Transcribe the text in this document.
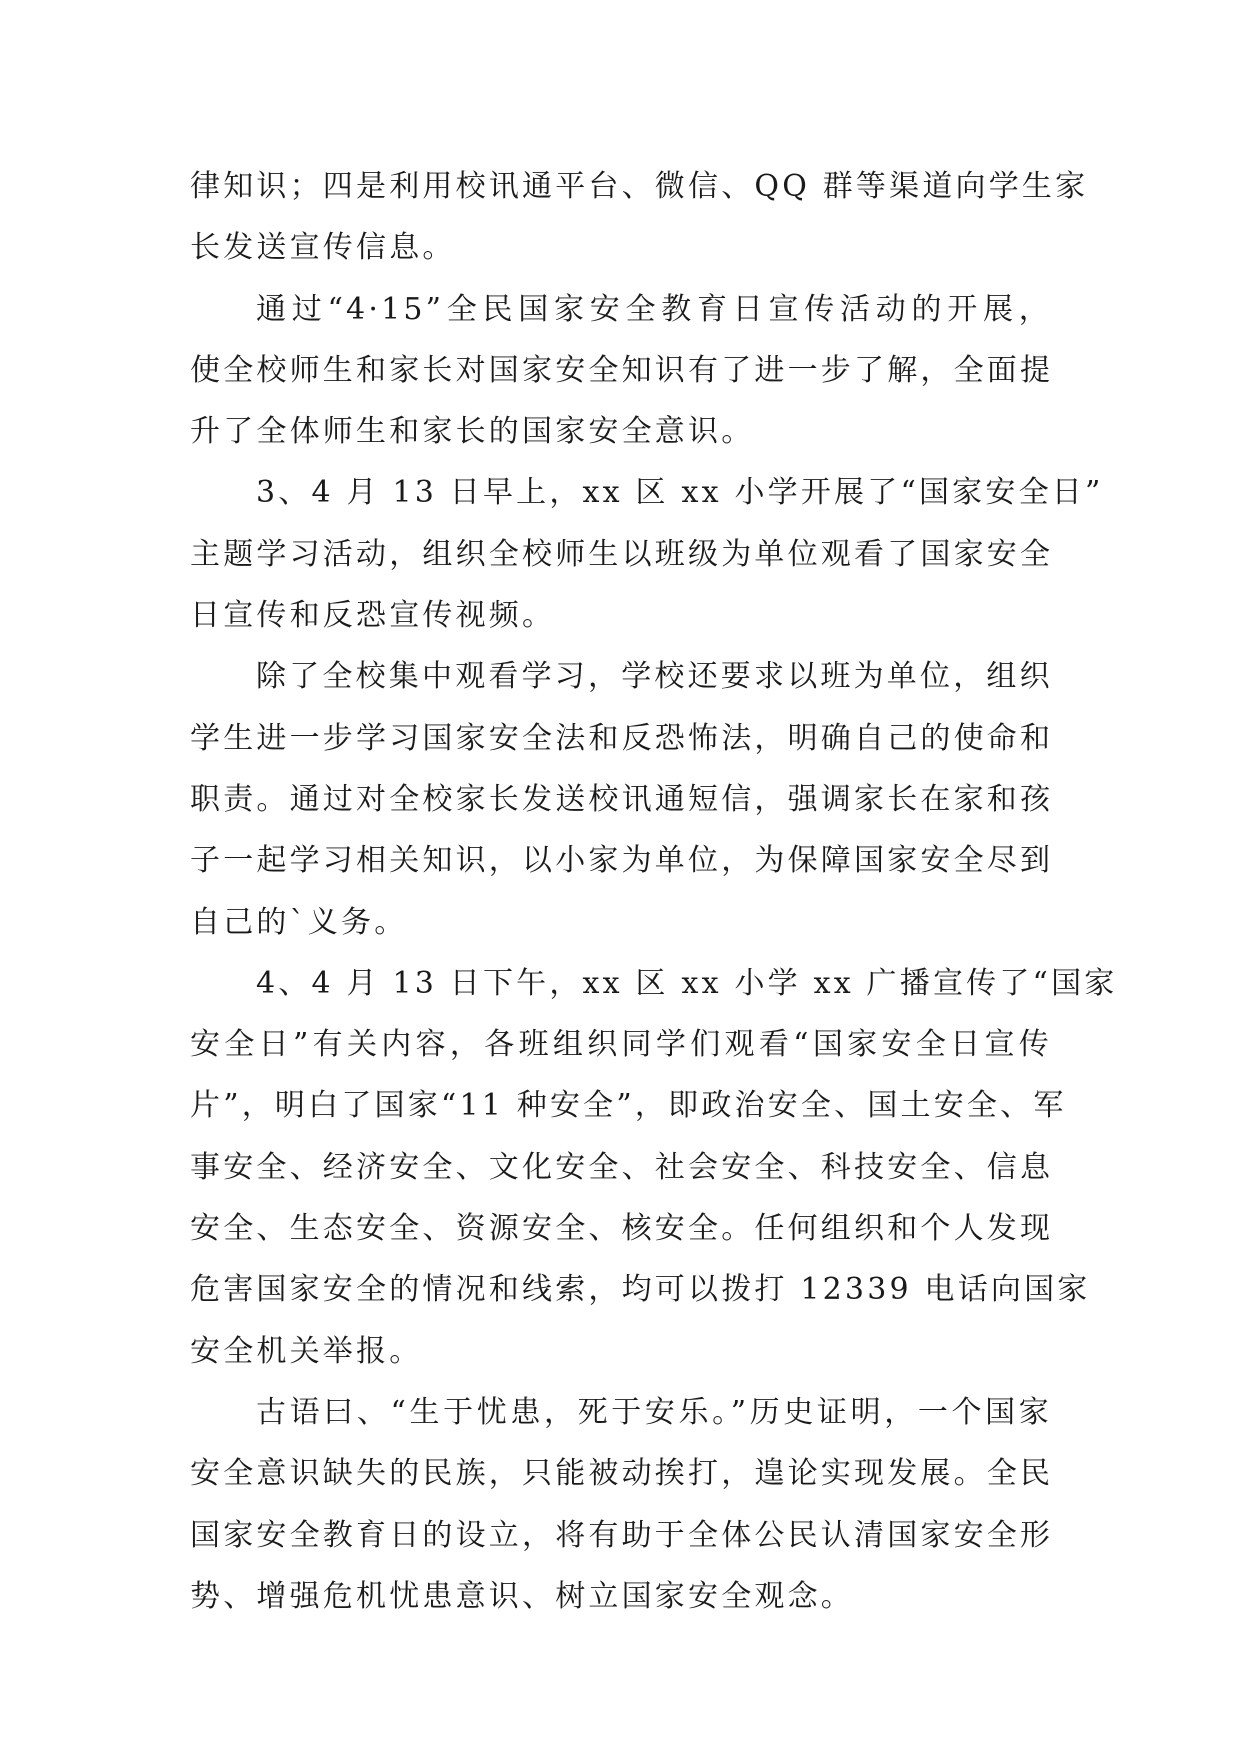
律知识；四是利用校讯通平台、微信、QQ 群等渠道向学生家
长发送宣传信息。
通过“4·15”全民国家安全教育日宣传活动的开展，
使全校师生和家长对国家安全知识有了进一步了解，全面提
升了全体师生和家长的国家安全意识。
3、4 月 13 日早上，xx 区 xx 小学开展了“国家安全日”
主题学习活动，组织全校师生以班级为单位观看了国家安全
日宣传和反恐宣传视频。
除了全校集中观看学习，学校还要求以班为单位，组织
学生进一步学习国家安全法和反恐怖法，明确自己的使命和
职责。通过对全校家长发送校讯通短信，强调家长在家和孩
子一起学习相关知识，以小家为单位，为保障国家安全尽到
自己的`义务。
4、4 月 13 日下午，xx 区 xx 小学 xx 广播宣传了“国家
安全日”有关内容，各班组织同学们观看“国家安全日宣传
片”，明白了国家“11 种安全”，即政治安全、国土安全、军
事安全、经济安全、文化安全、社会安全、科技安全、信息
安全、生态安全、资源安全、核安全。任何组织和个人发现
危害国家安全的情况和线索，均可以拨打 12339 电话向国家
安全机关举报。
古语曰、“生于忧患，死于安乐。”历史证明，一个国家
安全意识缺失的民族，只能被动挨打，遑论实现发展。全民
国家安全教育日的设立，将有助于全体公民认清国家安全形
势、增强危机忧患意识、树立国家安全观念。
